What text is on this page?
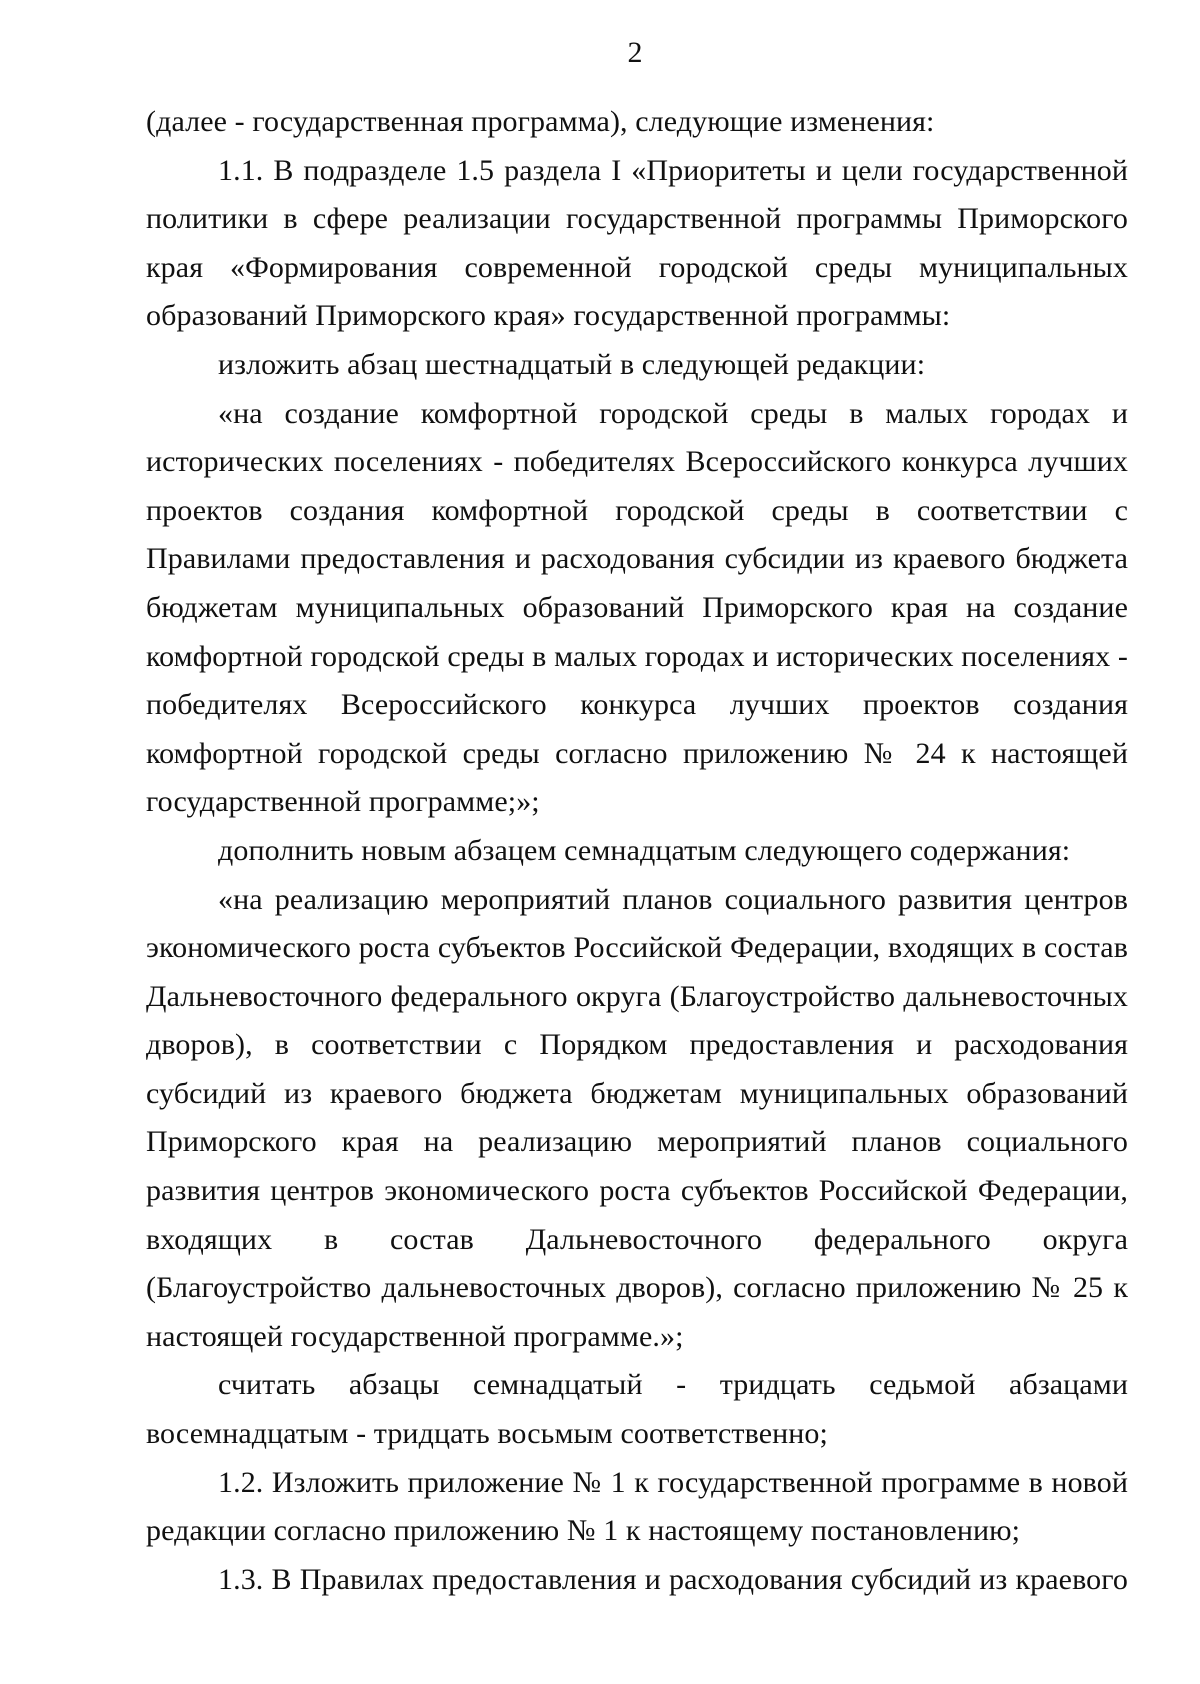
2

(далее - государственная программа), следующие изменения:

1.1. В подразделе 1.5 раздела I «Приоритеты и цели государственной политики в сфере реализации государственной программы Приморского края «Формирования современной городской среды муниципальных образований Приморского края» государственной программы:

изложить абзац шестнадцатый в следующей редакции:

«на создание комфортной городской среды в малых городах и исторических поселениях - победителях Всероссийского конкурса лучших проектов создания комфортной городской среды в соответствии с Правилами предоставления и расходования субсидии из краевого бюджета бюджетам муниципальных образований Приморского края на создание комфортной городской среды в малых городах и исторических поселениях - победителях Всероссийского конкурса лучших проектов создания комфортной городской среды согласно приложению № 24 к настоящей государственной программе;»;

дополнить новым абзацем семнадцатым следующего содержания:

«на реализацию мероприятий планов социального развития центров экономического роста субъектов Российской Федерации, входящих в состав Дальневосточного федерального округа (Благоустройство дальневосточных дворов), в соответствии с Порядком предоставления и расходования субсидий из краевого бюджета бюджетам муниципальных образований Приморского края на реализацию мероприятий планов социального развития центров экономического роста субъектов Российской Федерации, входящих в состав Дальневосточного федерального округа (Благоустройство дальневосточных дворов), согласно приложению № 25 к настоящей государственной программе.»;

считать абзацы семнадцатый - тридцать седьмой абзацами восемнадцатым - тридцать восьмым соответственно;

1.2. Изложить приложение № 1 к государственной программе в новой редакции согласно приложению № 1 к настоящему постановлению;

1.3. В Правилах предоставления и расходования субсидий из краевого
